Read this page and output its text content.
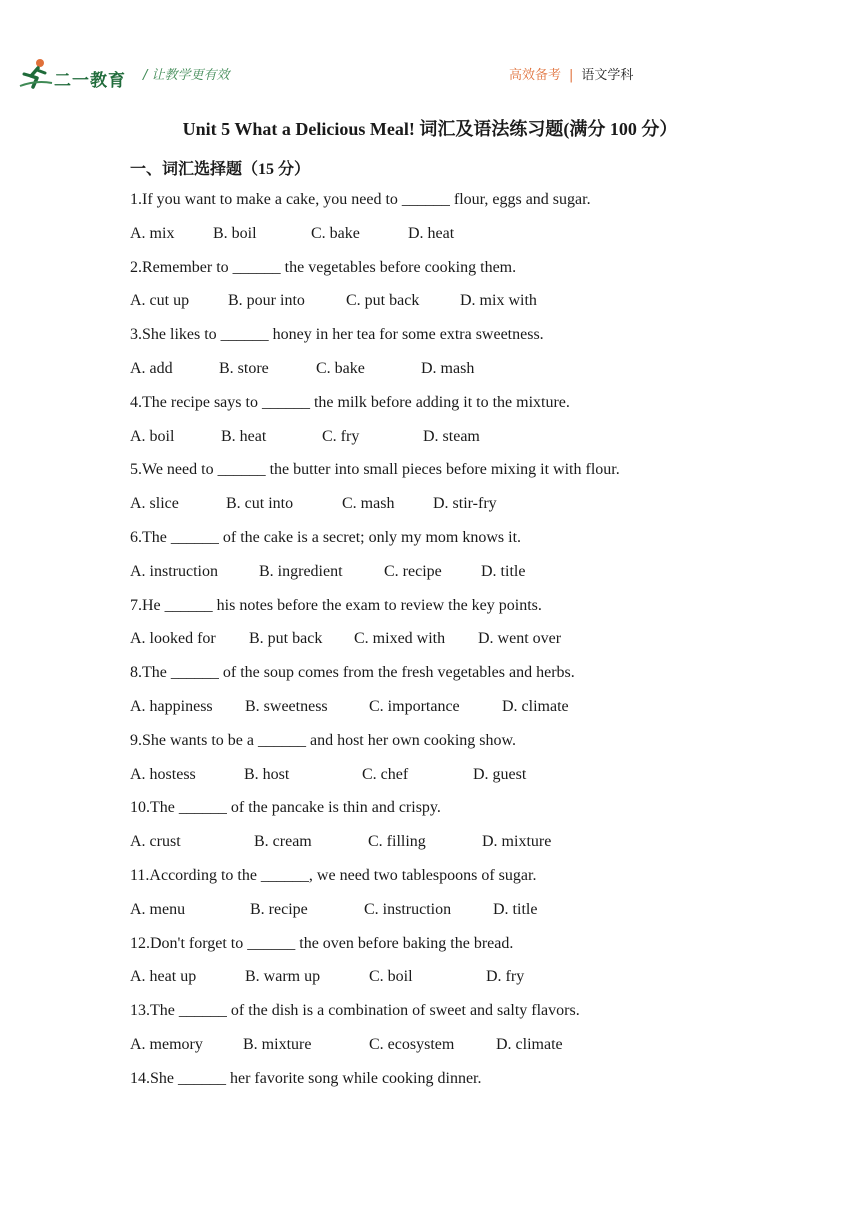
二一教育 / 让教学更有效	高效备考 | 语文学科
Unit 5 What a Delicious Meal! 词汇及语法练习题(满分 100 分）
一、词汇选择题（15 分）
1.If you want to make a cake, you need to ______ flour, eggs and sugar.
A. mix B. boil	C. bake	D. heat
2.Remember to ______ the vegetables before cooking them.
A. cut up B. pour into	C. put back	D. mix with
3.She likes to ______ honey in her tea for some extra sweetness.
A. add	B. store	C. bake	D. mash
4.The recipe says to ______ the milk before adding it to the mixture.
A. boil	B. heat	C. fry	D. steam
5.We need to ______ the butter into small pieces before mixing it with flour.
A. slice	B. cut into	C. mash D. stir-fry
6.The ______ of the cake is a secret; only my mom knows it.
A. instruction	B. ingredient	C. recipe D. title
7.He ______ his notes before the exam to review the key points.
A. looked for B. put back C. mixed with D. went over
8.The ______ of the soup comes from the fresh vegetables and herbs.
A. happiness B. sweetness	C. importance	D. climate
9.She wants to be a ______ and host her own cooking show.
A. hostess	B. host	C. chef	D. guest
10.The ______ of the pancake is thin and crispy.
A. crust	B. cream	C. filling	D. mixture
11.According to the ______, we need two tablespoons of sugar.
A. menu	B. recipe	C. instruction	D. title
12.Don't forget to ______ the oven before baking the bread.
A. heat up	B. warm up	C. boil	D. fry
13.The ______ of the dish is a combination of sweet and salty flavors.
A. memory	B. mixture	C. ecosystem	D. climate
14.She ______ her favorite song while cooking dinner.
